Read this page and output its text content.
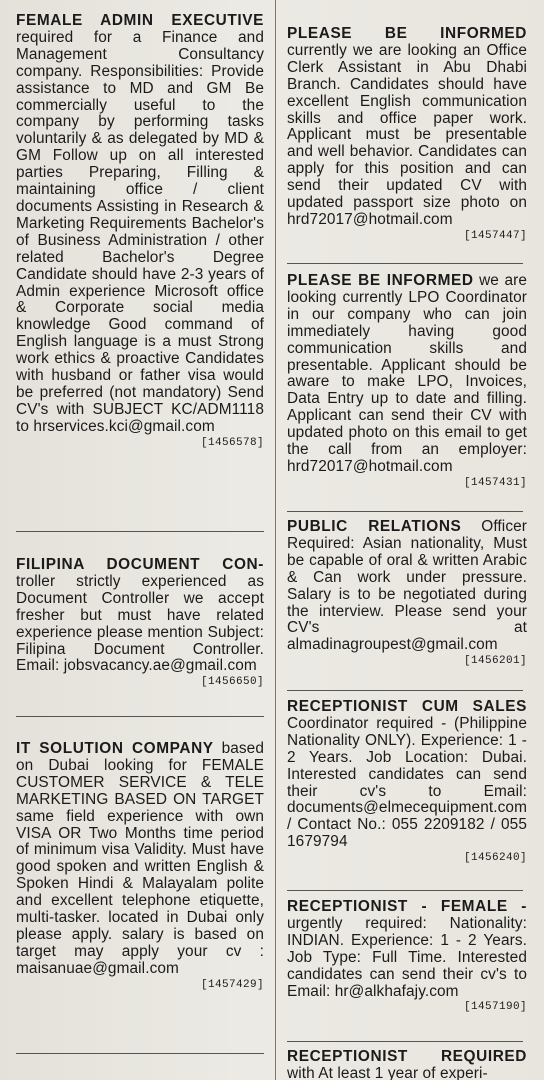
FEMALE ADMIN EXECUTIVE required for a Finance and Management Consultancy company. Responsibilities: Provide assistance to MD and GM Be commercially useful to the company by performing tasks voluntarily & as delegated by MD & GM Follow up on all interested parties Preparing, Filling & maintaining office / client documents Assisting in Research & Marketing Requirements Bachelor's of Business Administration / other related Bachelor's Degree Candidate should have 2-3 years of Admin experience Microsoft office & Corporate social media knowledge Good command of English language is a must Strong work ethics & proactive Candidates with husband or father visa would be preferred (not mandatory) Send CV's with SUBJECT KC/ADM1118 to hrservices.kci@gmail.com

[1456578]

FILIPINA DOCUMENT CON- troller strictly experienced as Document Controller we accept fresher but must have related experience please mention Subject: Filipina Document Controller. Email: jobsvacancy.ae@gmail.com

[1456650]

IT SOLUTION COMPANY based on Dubai looking for FEMALE CUSTOMER SERVICE & TELE MARKETING BASED ON TARGET same field experience with own VISA OR Two Months time period of minimum visa Validity. Must have good spoken and written English & Spoken Hindi & Malayalam polite and excellent telephone etiquette, multi-tasker. located in Dubai only please apply. salary is based on target may apply your cv : maisanuae@gmail.com

[1457429]

PLEASE BE INFORMED currently we are looking an Office Clerk Assistant in Abu Dhabi Branch. Candidates should have excellent English communication skills and office paper work. Applicant must be presentable and well behavior. Candidates can apply for this position and can send their updated CV with updated passport size photo on hrd72017@hotmail.com

[1457447]

PLEASE BE INFORMED we are looking currently LPO Coordinator in our company who can join immediately having good communication skills and presentable. Applicant should be aware to make LPO, Invoices, Data Entry up to date and filling. Applicant can send their CV with updated photo on this email to get the call from an employer: hrd72017@hotmail.com

[1457431]

PUBLIC RELATIONS Officer Required: Asian nationality, Must be capable of oral & written Arabic & Can work under pressure. Salary is to be negotiated during the interview. Please send your CV's at almadinagroupest@gmail.com

[1456201]

RECEPTIONIST CUM SALES Coordinator required - (Philippine Nationality ONLY). Experience: 1 - 2 Years. Job Location: Dubai. Interested candidates can send their cv's to Email: documents@elmecequipment.com / Contact No.: 055 2209182 / 055 1679794

[1456240]

RECEPTIONIST - FEMALE - urgently required: Nationality: INDIAN. Experience: 1 - 2 Years. Job Type: Full Time. Interested candidates can send their cv's to Email: hr@alkhafajy.com

[1457190]

RECEPTIONIST REQUIRED with At least 1 year of experi-
